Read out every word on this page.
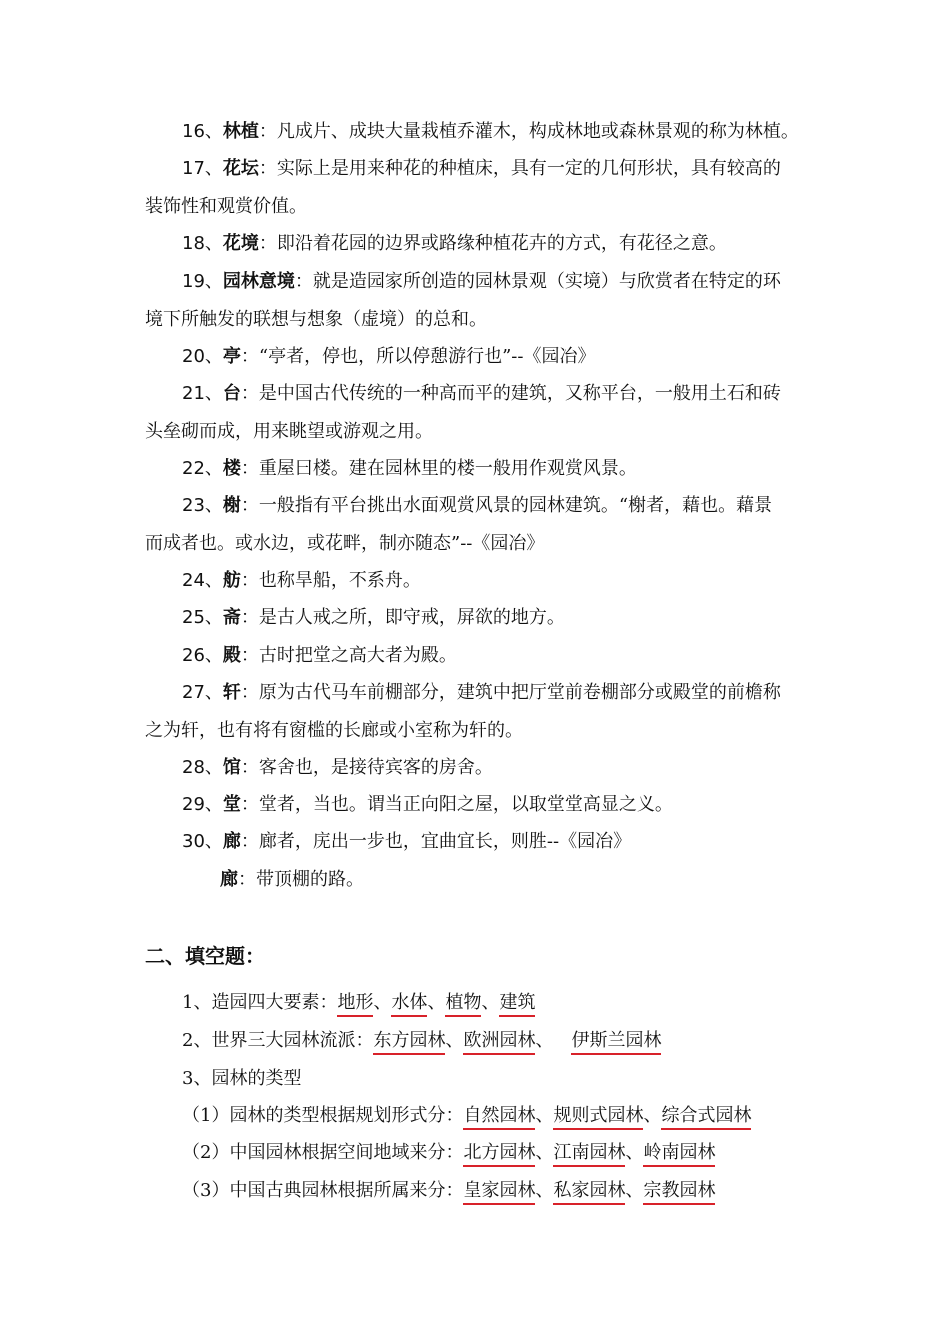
16、林植：凡成片、成块大量栽植乔灌木，构成林地或森林景观的称为林植。
17、花坛：实际上是用来种花的种植床，具有一定的几何形状，具有较高的
装饰性和观赏价值。
18、花境：即沿着花园的边界或路缘种植花卉的方式，有花径之意。
19、园林意境：就是造园家所创造的园林景观（实境）与欣赏者在特定的环
境下所触发的联想与想象（虚境）的总和。
20、亭：“亭者，停也，所以停憩游行也”--《园冶》
21、台：是中国古代传统的一种高而平的建筑，又称平台，一般用土石和砖
头垒砌而成，用来眺望或游观之用。
22、楼：重屋曰楼。建在园林里的楼一般用作观赏风景。
23、榭：一般指有平台挑出水面观赏风景的园林建筑。“榭者，藉也。藉景
而成者也。或水边，或花畔，制亦随态”--《园冶》
24、舫：也称旱船，不系舟。
25、斋：是古人戒之所，即守戒，屏欲的地方。
26、殿：古时把堂之高大者为殿。
27、轩：原为古代马车前棚部分，建筑中把厅堂前卷棚部分或殿堂的前檐称
之为轩，也有将有窗槛的长廊或小室称为轩的。
28、馆：客舍也，是接待宾客的房舍。
29、堂：堂者，当也。谓当正向阳之屋，以取堂堂高显之义。
30、廊：廊者，庑出一步也，宜曲宜长，则胜--《园冶》
廊：带顶棚的路。
二、填空题：
1、造园四大要素：地形、水体、植物、建筑
2、世界三大园林流派：东方园林、欧洲园林、 伊斯兰园林
3、园林的类型
（1）园林的类型根据规划形式分：自然园林、规则式园林、综合式园林
（2）中国园林根据空间地域来分：北方园林、江南园林、岭南园林
（3）中国古典园林根据所属来分：皇家园林、私家园林、宗教园林
